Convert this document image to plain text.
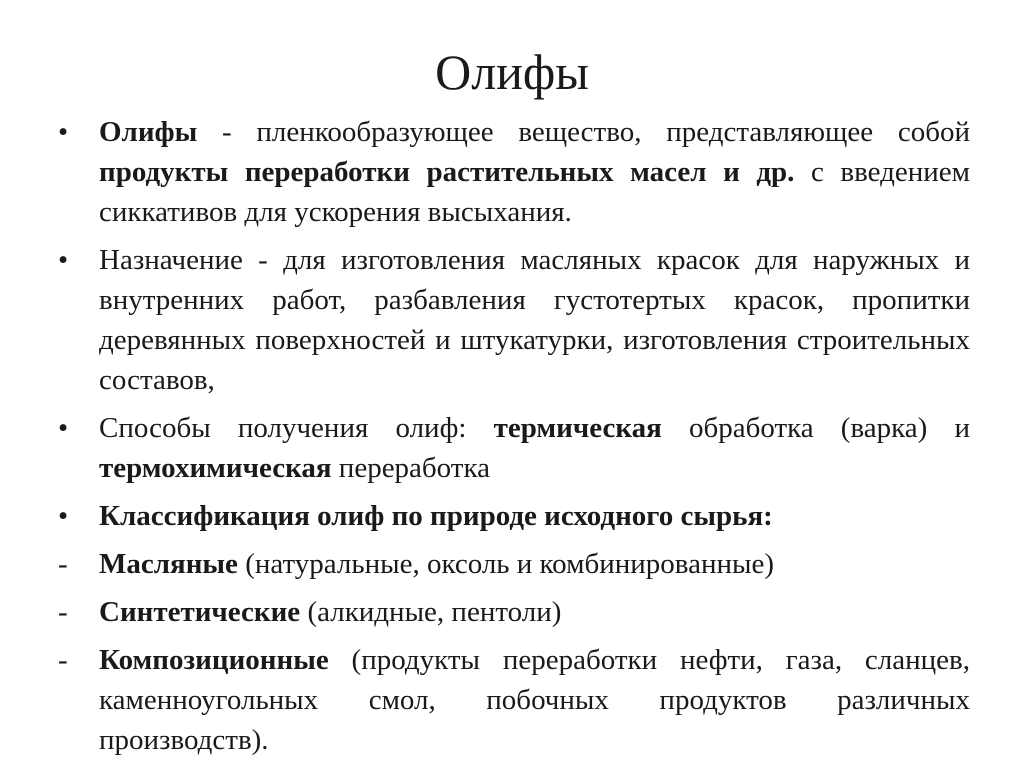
Олифы
•	Олифы - пленкообразующее вещество, представляющее собой продукты переработки растительных масел и др. с введением сиккативов для ускорения высыхания.
•	Назначение - для изготовления масляных красок для наружных и внутренних работ, разбавления густотертых красок, пропитки деревянных поверхностей и штукатурки, изготовления строительных составов,
•	Способы получения олиф: термическая обработка (варка) и термохимическая переработка
•	Классификация олиф по природе исходного сырья:
-	Масляные (натуральные, оксоль и комбинированные)
-	Синтетические (алкидные, пентоли)
-	Композиционные (продукты переработки нефти, газа, сланцев, каменноугольных смол, побочных продуктов различных производств).
